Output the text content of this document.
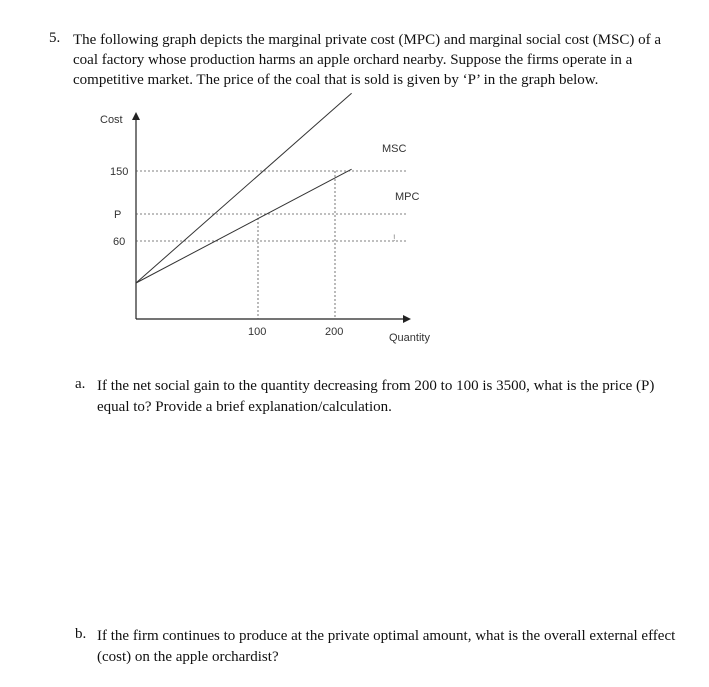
5. The following graph depicts the marginal private cost (MPC) and marginal social cost (MSC) of a
coal factory whose production harms an apple orchard nearby. Suppose the firms operate in a
competitive market. The price of the coal that is sold is given by ‘P’ in the graph below.
Cost
150
P
60
100	200	Quantity
MSC
MPC
!
a. If the net social gain to the quantity decreasing from 200 to 100 is 3500, what is the price (P)
equal to? Provide a brief explanation/calculation.
b. If the firm continues to produce at the private optimal amount, what is the overall external effect
(cost) on the apple orchardist?
